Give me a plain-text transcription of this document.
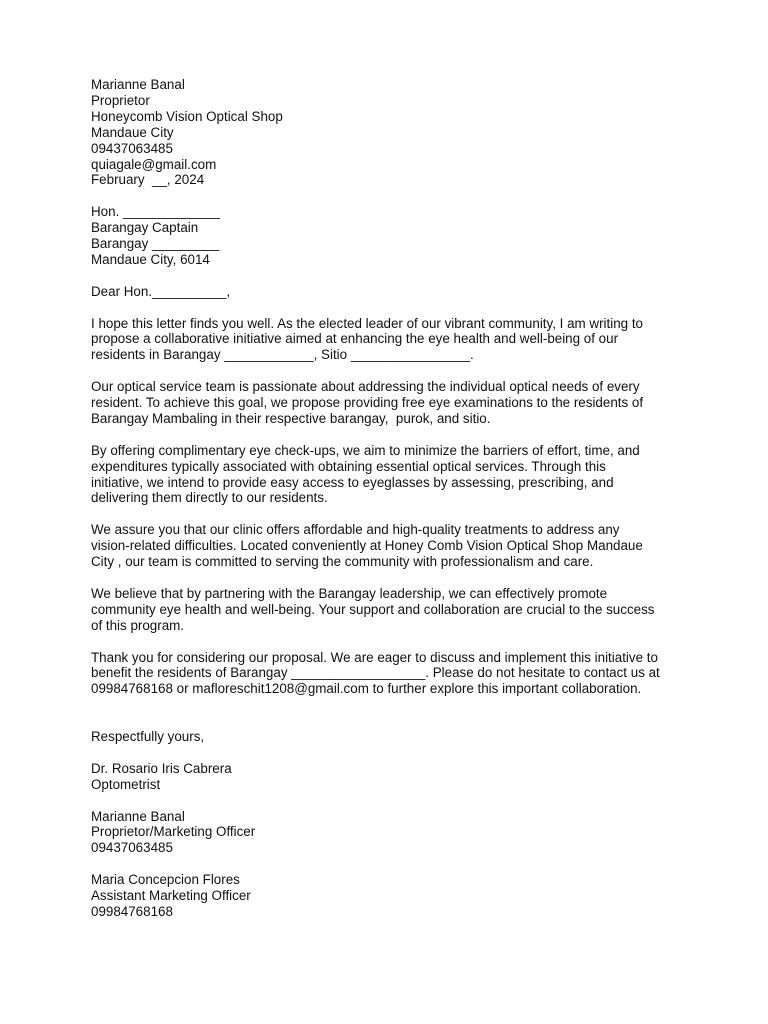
Marianne Banal
Proprietor
Honeycomb Vision Optical Shop
Mandaue City
09437063485
quiagale@gmail.com
February  __, 2024
Hon. _____________
Barangay Captain
Barangay _________
Mandaue City, 6014
Dear Hon.__________,
I hope this letter finds you well. As the elected leader of our vibrant community, I am writing to
propose a collaborative initiative aimed at enhancing the eye health and well-being of our
residents in Barangay ____________, Sitio ________________.
Our optical service team is passionate about addressing the individual optical needs of every
resident. To achieve this goal, we propose providing free eye examinations to the residents of
Barangay Mambaling in their respective barangay,  purok, and sitio.
By offering complimentary eye check-ups, we aim to minimize the barriers of effort, time, and
expenditures typically associated with obtaining essential optical services. Through this
initiative, we intend to provide easy access to eyeglasses by assessing, prescribing, and
delivering them directly to our residents.
We assure you that our clinic offers affordable and high-quality treatments to address any
vision-related difficulties. Located conveniently at Honey Comb Vision Optical Shop Mandaue
City , our team is committed to serving the community with professionalism and care.
We believe that by partnering with the Barangay leadership, we can effectively promote
community eye health and well-being. Your support and collaboration are crucial to the success
of this program.
Thank you for considering our proposal. We are eager to discuss and implement this initiative to
benefit the residents of Barangay __________________. Please do not hesitate to contact us at
09984768168 or mafloreschit1208@gmail.com to further explore this important collaboration.
Respectfully yours,
Dr. Rosario Iris Cabrera
Optometrist
Marianne Banal
Proprietor/Marketing Officer
09437063485
Maria Concepcion Flores
Assistant Marketing Officer
09984768168
